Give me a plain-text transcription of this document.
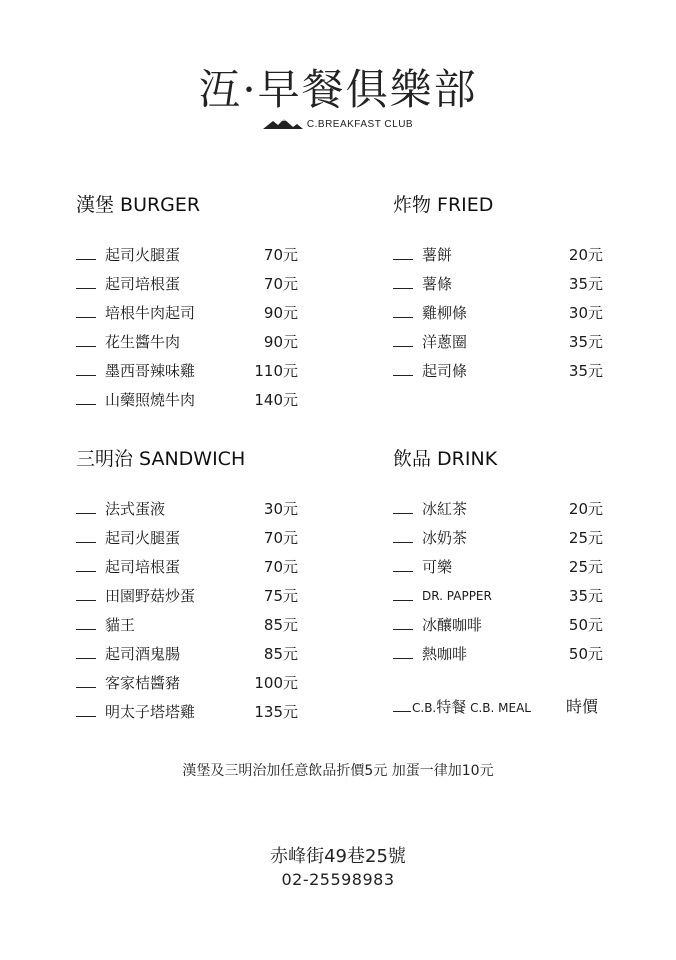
沍·早餐俱樂部
C.BREAKFAST CLUB
漢堡 BURGER
起司火腿蛋	70元
起司培根蛋	70元
培根牛肉起司	90元
花生醬牛肉	90元
墨西哥辣味雞	110元
山藥照燒牛肉	140元
炸物 FRIED
薯餅	20元
薯條	35元
雞柳條	30元
洋蔥圈	35元
起司條	35元
三明治 SANDWICH
法式蛋液	30元
起司火腿蛋	70元
起司培根蛋	70元
田園野菇炒蛋	75元
貓王	85元
起司酒鬼腸	85元
客家桔醬豬	100元
明太子塔塔雞	135元
飲品 DRINK
冰紅茶	20元
冰奶茶	25元
可樂	25元
DR. PAPPER	35元
冰釀咖啡	50元
熱咖啡	50元
C.B.特餐 C.B. MEAL 時價
漢堡及三明治加任意飲品折價5元 加蛋一律加10元
赤峰街49巷25號
02-25598983
